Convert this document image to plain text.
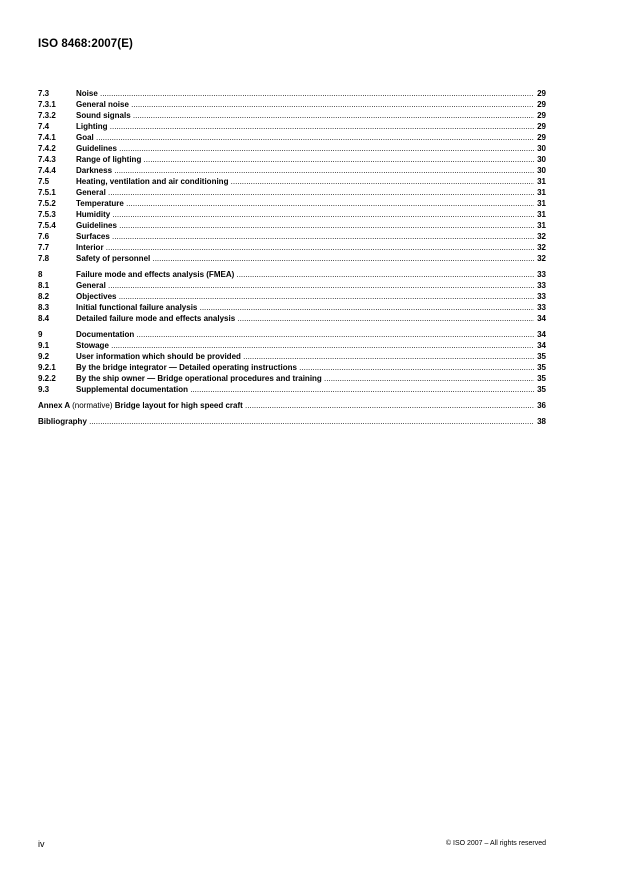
ISO 8468:2007(E)
7.3	Noise .....	29
7.3.1	General noise .....	29
7.3.2	Sound signals .....	29
7.4	Lighting .....	29
7.4.1	Goal .....	29
7.4.2	Guidelines .....	30
7.4.3	Range of lighting .....	30
7.4.4	Darkness .....	30
7.5	Heating, ventilation and air conditioning .....	31
7.5.1	General .....	31
7.5.2	Temperature .....	31
7.5.3	Humidity .....	31
7.5.4	Guidelines .....	31
7.6	Surfaces .....	32
7.7	Interior .....	32
7.8	Safety of personnel .....	32
8	Failure mode and effects analysis (FMEA) .....	33
8.1	General .....	33
8.2	Objectives .....	33
8.3	Initial functional failure analysis .....	33
8.4	Detailed failure mode and effects analysis .....	34
9	Documentation .....	34
9.1	Stowage .....	34
9.2	User information which should be provided .....	35
9.2.1	By the bridge integrator — Detailed operating instructions .....	35
9.2.2	By the ship owner — Bridge operational procedures and training .....	35
9.3	Supplemental documentation .....	35
Annex A (normative) Bridge layout for high speed craft .....	36
Bibliography .....	38
iv	© ISO 2007 – All rights reserved
